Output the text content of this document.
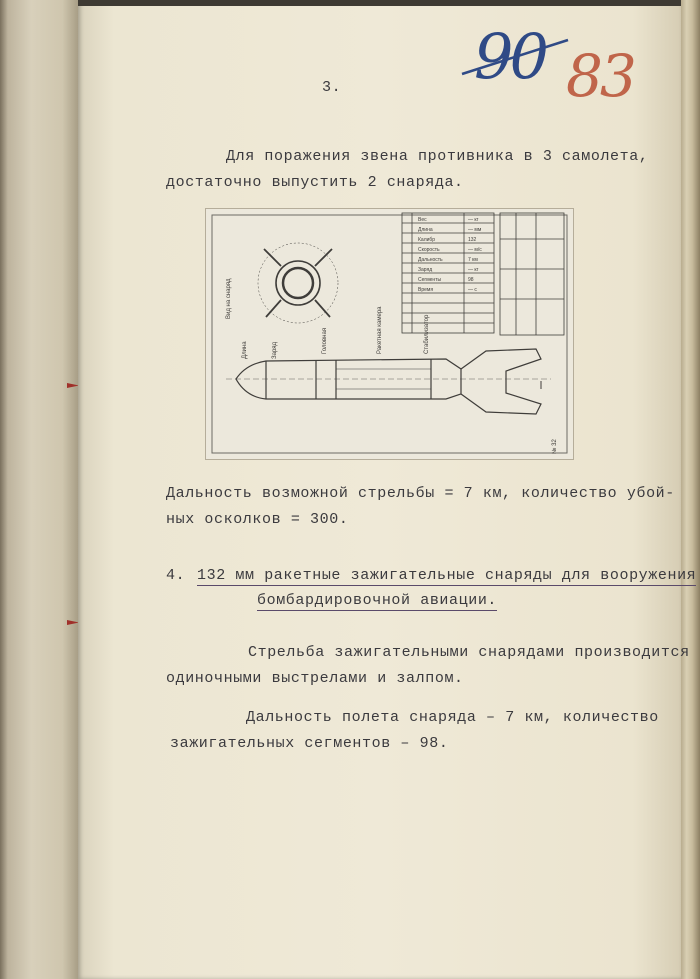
90 83

3.

Для поражения звена противника в 3 самолета,

достаточно выпустить 2 снаряда.

Вид на снаряд
Длина	Заряд	Головная	Ракетная камера	Стабилизатор
№ 32
Вес	— кг
Длина	— мм
Калибр	132
Скорость	— м/с
Дальность	7 км
Заряд	— кг
Сегменты	98
Время	— с

Дальность возможной стрельбы = 7 км, количество убой-

ных осколков = 300.

4. 132 мм ракетные зажигательные снаряды для вооружения

бомбардировочной авиации.

Стрельба зажигательными снарядами производится

одиночными выстрелами и залпом.

Дальность полета снаряда – 7 км, количество

зажигательных сегментов – 98.
